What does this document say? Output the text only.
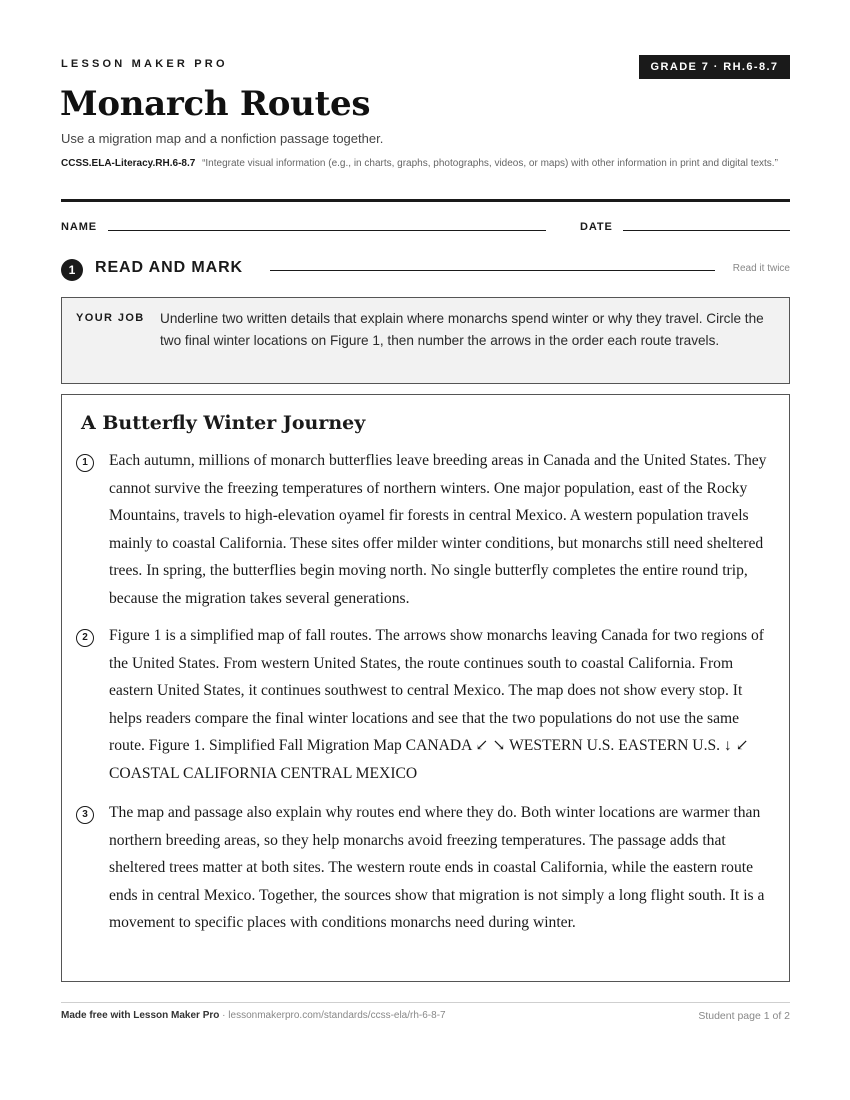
LESSON MAKER PRO	GRADE 7 · RH.6-8.7
Monarch Routes
Use a migration map and a nonfiction passage together.
CCSS.ELA-Literacy.RH.6-8.7 “Integrate visual information (e.g., in charts, graphs, photographs, videos, or maps) with other information in print and digital texts.”
NAME	DATE
1	READ AND MARK	Read it twice
YOUR JOB Underline two written details that explain where monarchs spend winter or why they travel. Circle the two final winter locations on Figure 1, then number the arrows in the order each route travels.
A Butterfly Winter Journey
1	Each autumn, millions of monarch butterflies leave breeding areas in Canada and the United States. They cannot survive the freezing temperatures of northern winters. One major population, east of the Rocky Mountains, travels to high-elevation oyamel fir forests in central Mexico. A western population travels mainly to coastal California. These sites offer milder winter conditions, but monarchs still need sheltered trees. In spring, the butterflies begin moving north. No single butterfly completes the entire round trip, because the migration takes several generations.

2	Figure 1 is a simplified map of fall routes. The arrows show monarchs leaving Canada for two regions of the United States. From western United States, the route continues south to coastal California. From eastern United States, it continues southwest to central Mexico. The map does not show every stop. It helps readers compare the final winter locations and see that the two populations do not use the same route. Figure 1. Simplified Fall Migration Map CANADA ↙ ↘ WESTERN U.S. EASTERN U.S. ↓ ↙ COASTAL CALIFORNIA CENTRAL MEXICO

3	The map and passage also explain why routes end where they do. Both winter locations are warmer than northern breeding areas, so they help monarchs avoid freezing temperatures. The passage adds that sheltered trees matter at both sites. The western route ends in coastal California, while the eastern route ends in central Mexico. Together, the sources show that migration is not simply a long flight south. It is a movement to specific places with conditions monarchs need during winter.

Made free with Lesson Maker Pro · lessonmakerpro.com/standards/ccss-ela/rh-6-8-7	Student page 1 of 2
